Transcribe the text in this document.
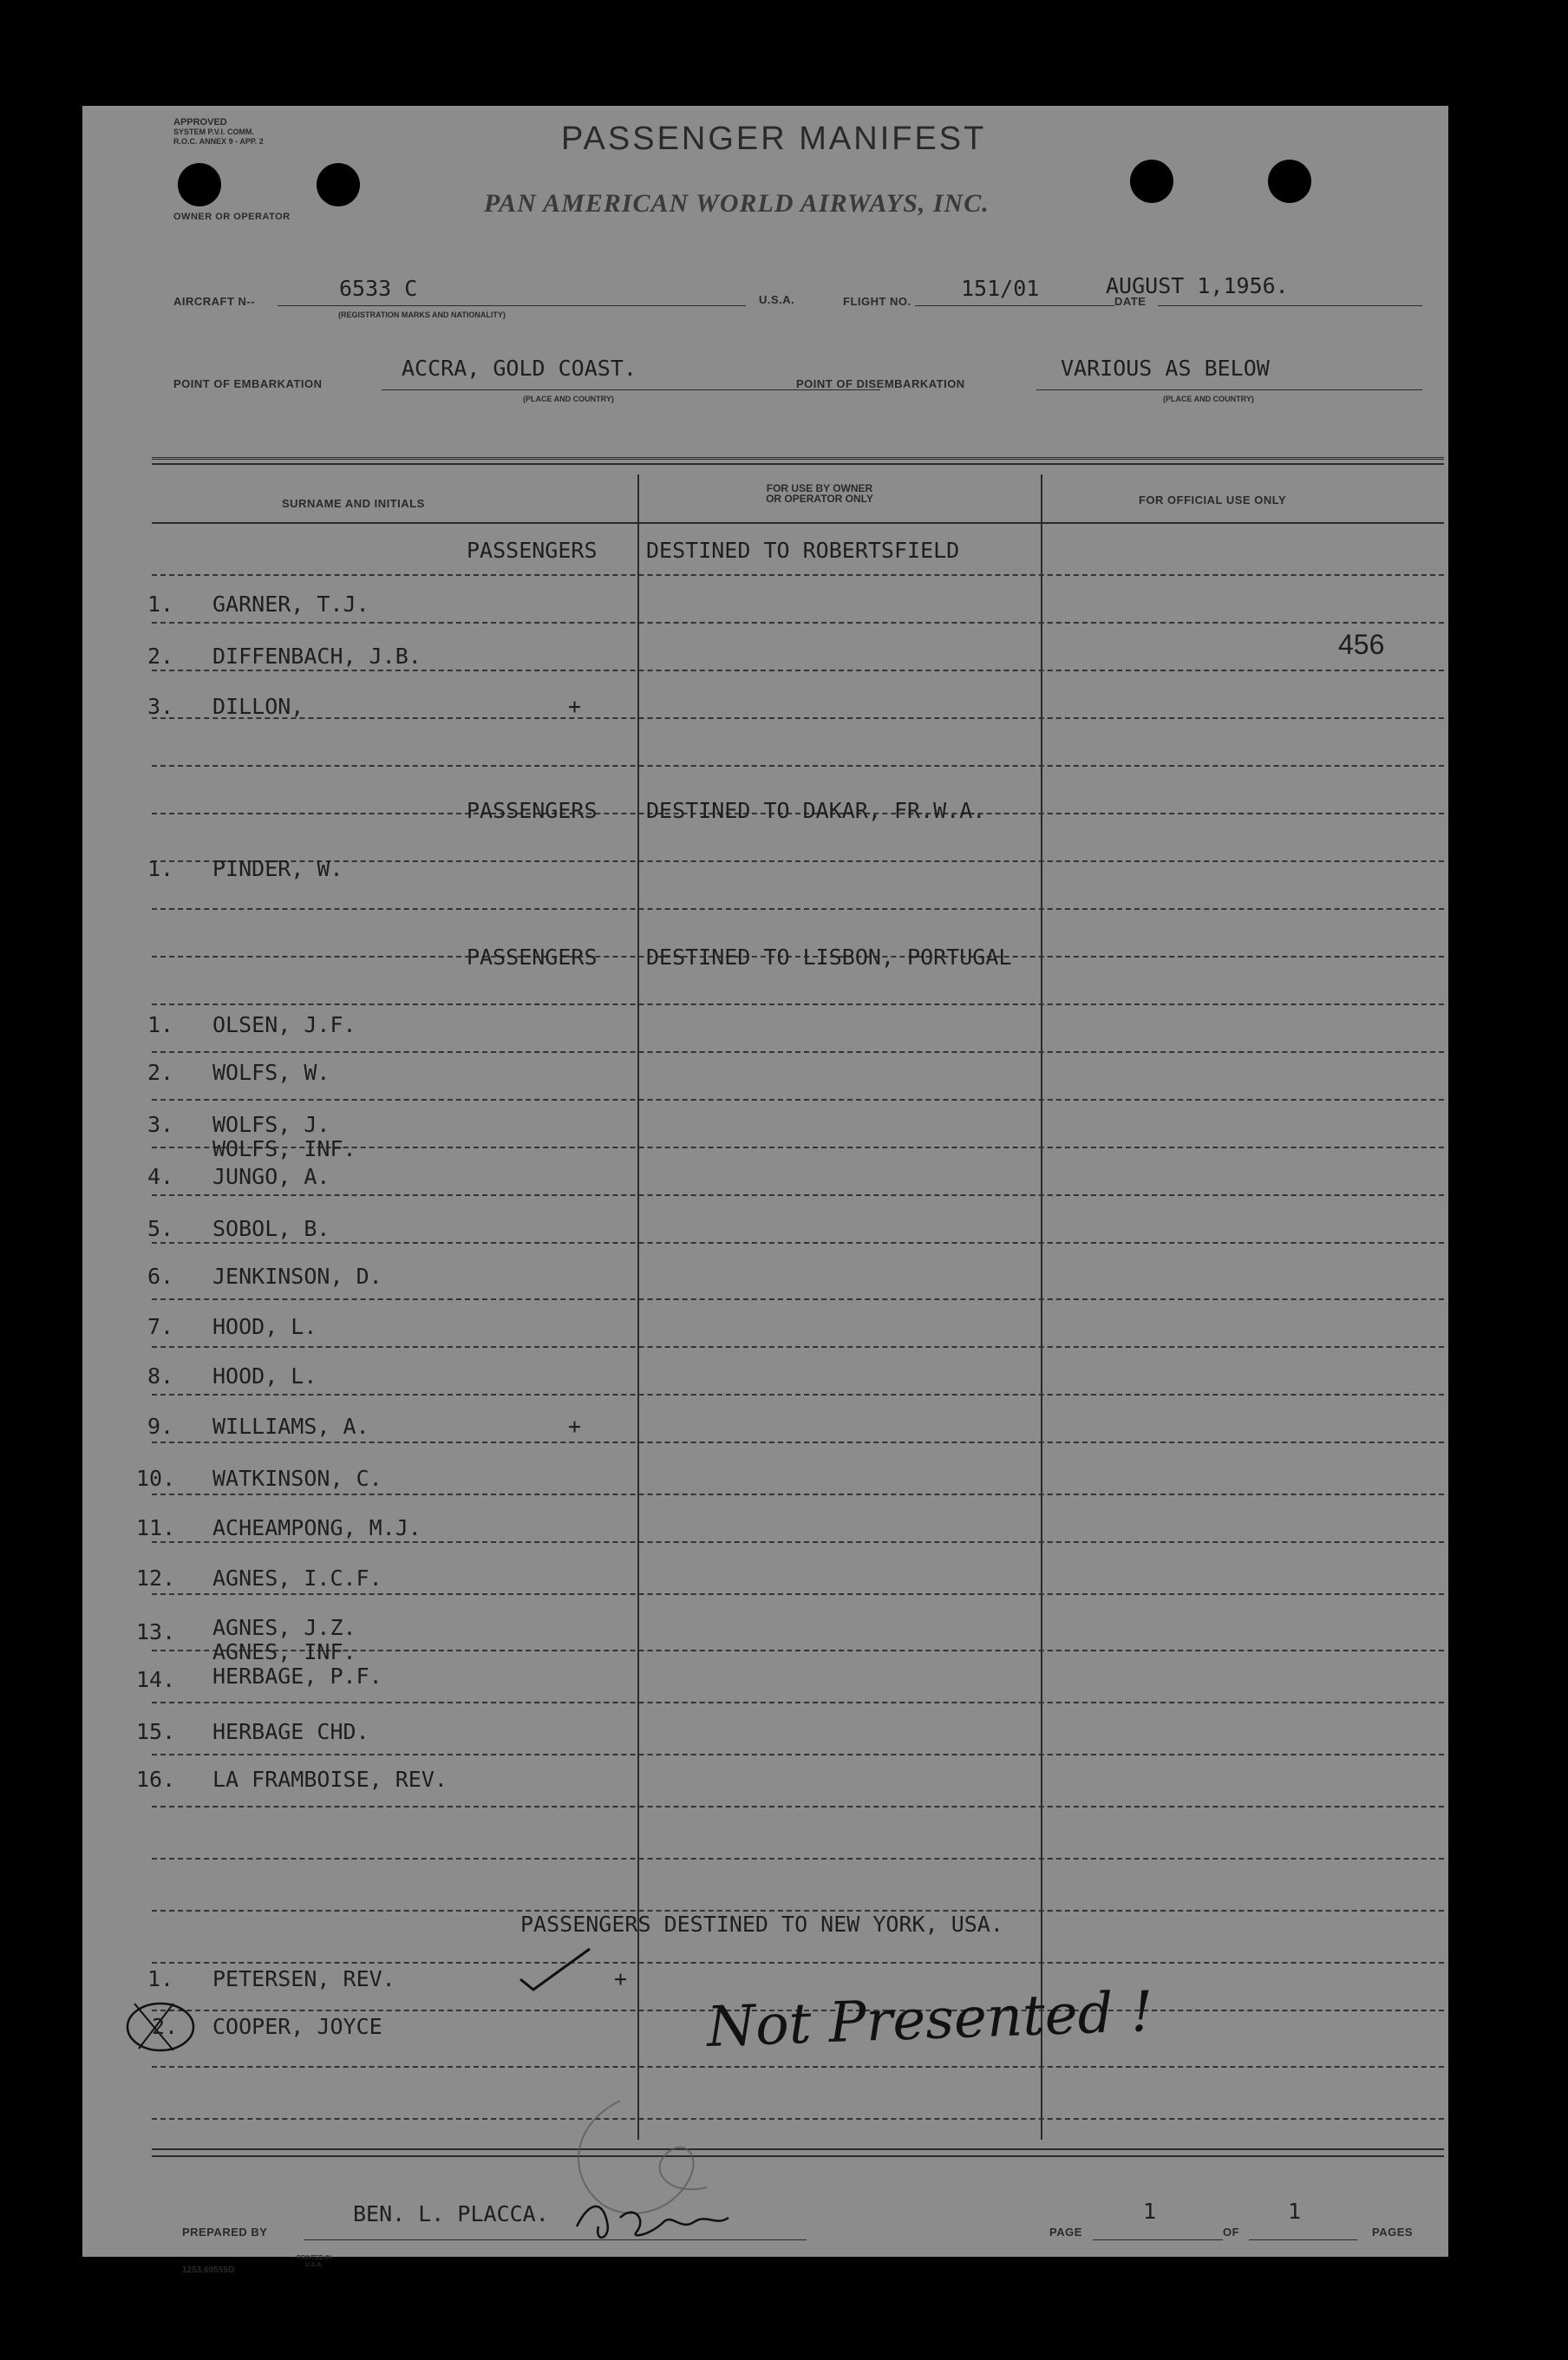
APPROVED
SYSTEM P.V.I. COMM.
R.O.C. ANNEX 9 - APP. 2	PASSENGER MANIFEST
PAN AMERICAN WORLD AIRWAYS, INC.
OWNER OR OPERATOR
AIRCRAFT N--
6533 C
(REGISTRATION MARKS AND NATIONALITY)
U.S.A.	FLIGHT NO.
151/01
DATE
AUGUST 1,1956.
POINT OF EMBARKATION
ACCRA, GOLD COAST.
(PLACE AND COUNTRY)
POINT OF DISEMBARKATION
VARIOUS AS BELOW
(PLACE AND COUNTRY)
SURNAME AND INITIALS
FOR USE BY OWNER
OR OPERATOR ONLY	FOR OFFICIAL USE ONLY
PASSENGERS DESTINED TO ROBERTSFIELD
1. GARNER, T.J.
2. DIFFENBACH, J.B.	456
3. DILLON,	+
PASSENGERS DESTINED TO DAKAR, FR.W.A.
1. PINDER, W.
PASSENGERS DESTINED TO LISBON, PORTUGAL
1. OLSEN, J.F.
2. WOLFS, W.
3. WOLFS, J.
WOLFS, INF.
4. JUNGO, A.
5. SOBOL, B.
6. JENKINSON, D.
7. HOOD, L.
8. HOOD, L.
9. WILLIAMS, A.	+
10. WATKINSON, C.
11. ACHEAMPONG, M.J.
12. AGNES, I.C.F.
13. AGNES, J.Z.
AGNES, INF.
14. HERBAGE, P.F.
15. HERBAGE CHD.
16. LA FRAMBOISE, REV.
PASSENGERS DESTINED TO NEW YORK, USA.
1. PETERSEN, REV.	+
2. COOPER, JOYCE	Not Presented !
PREPARED BY
BEN. L. PLACCA.
PAGE
1
OF
1
PAGES
1253.60555G
PRINTED IN U.S.A.
